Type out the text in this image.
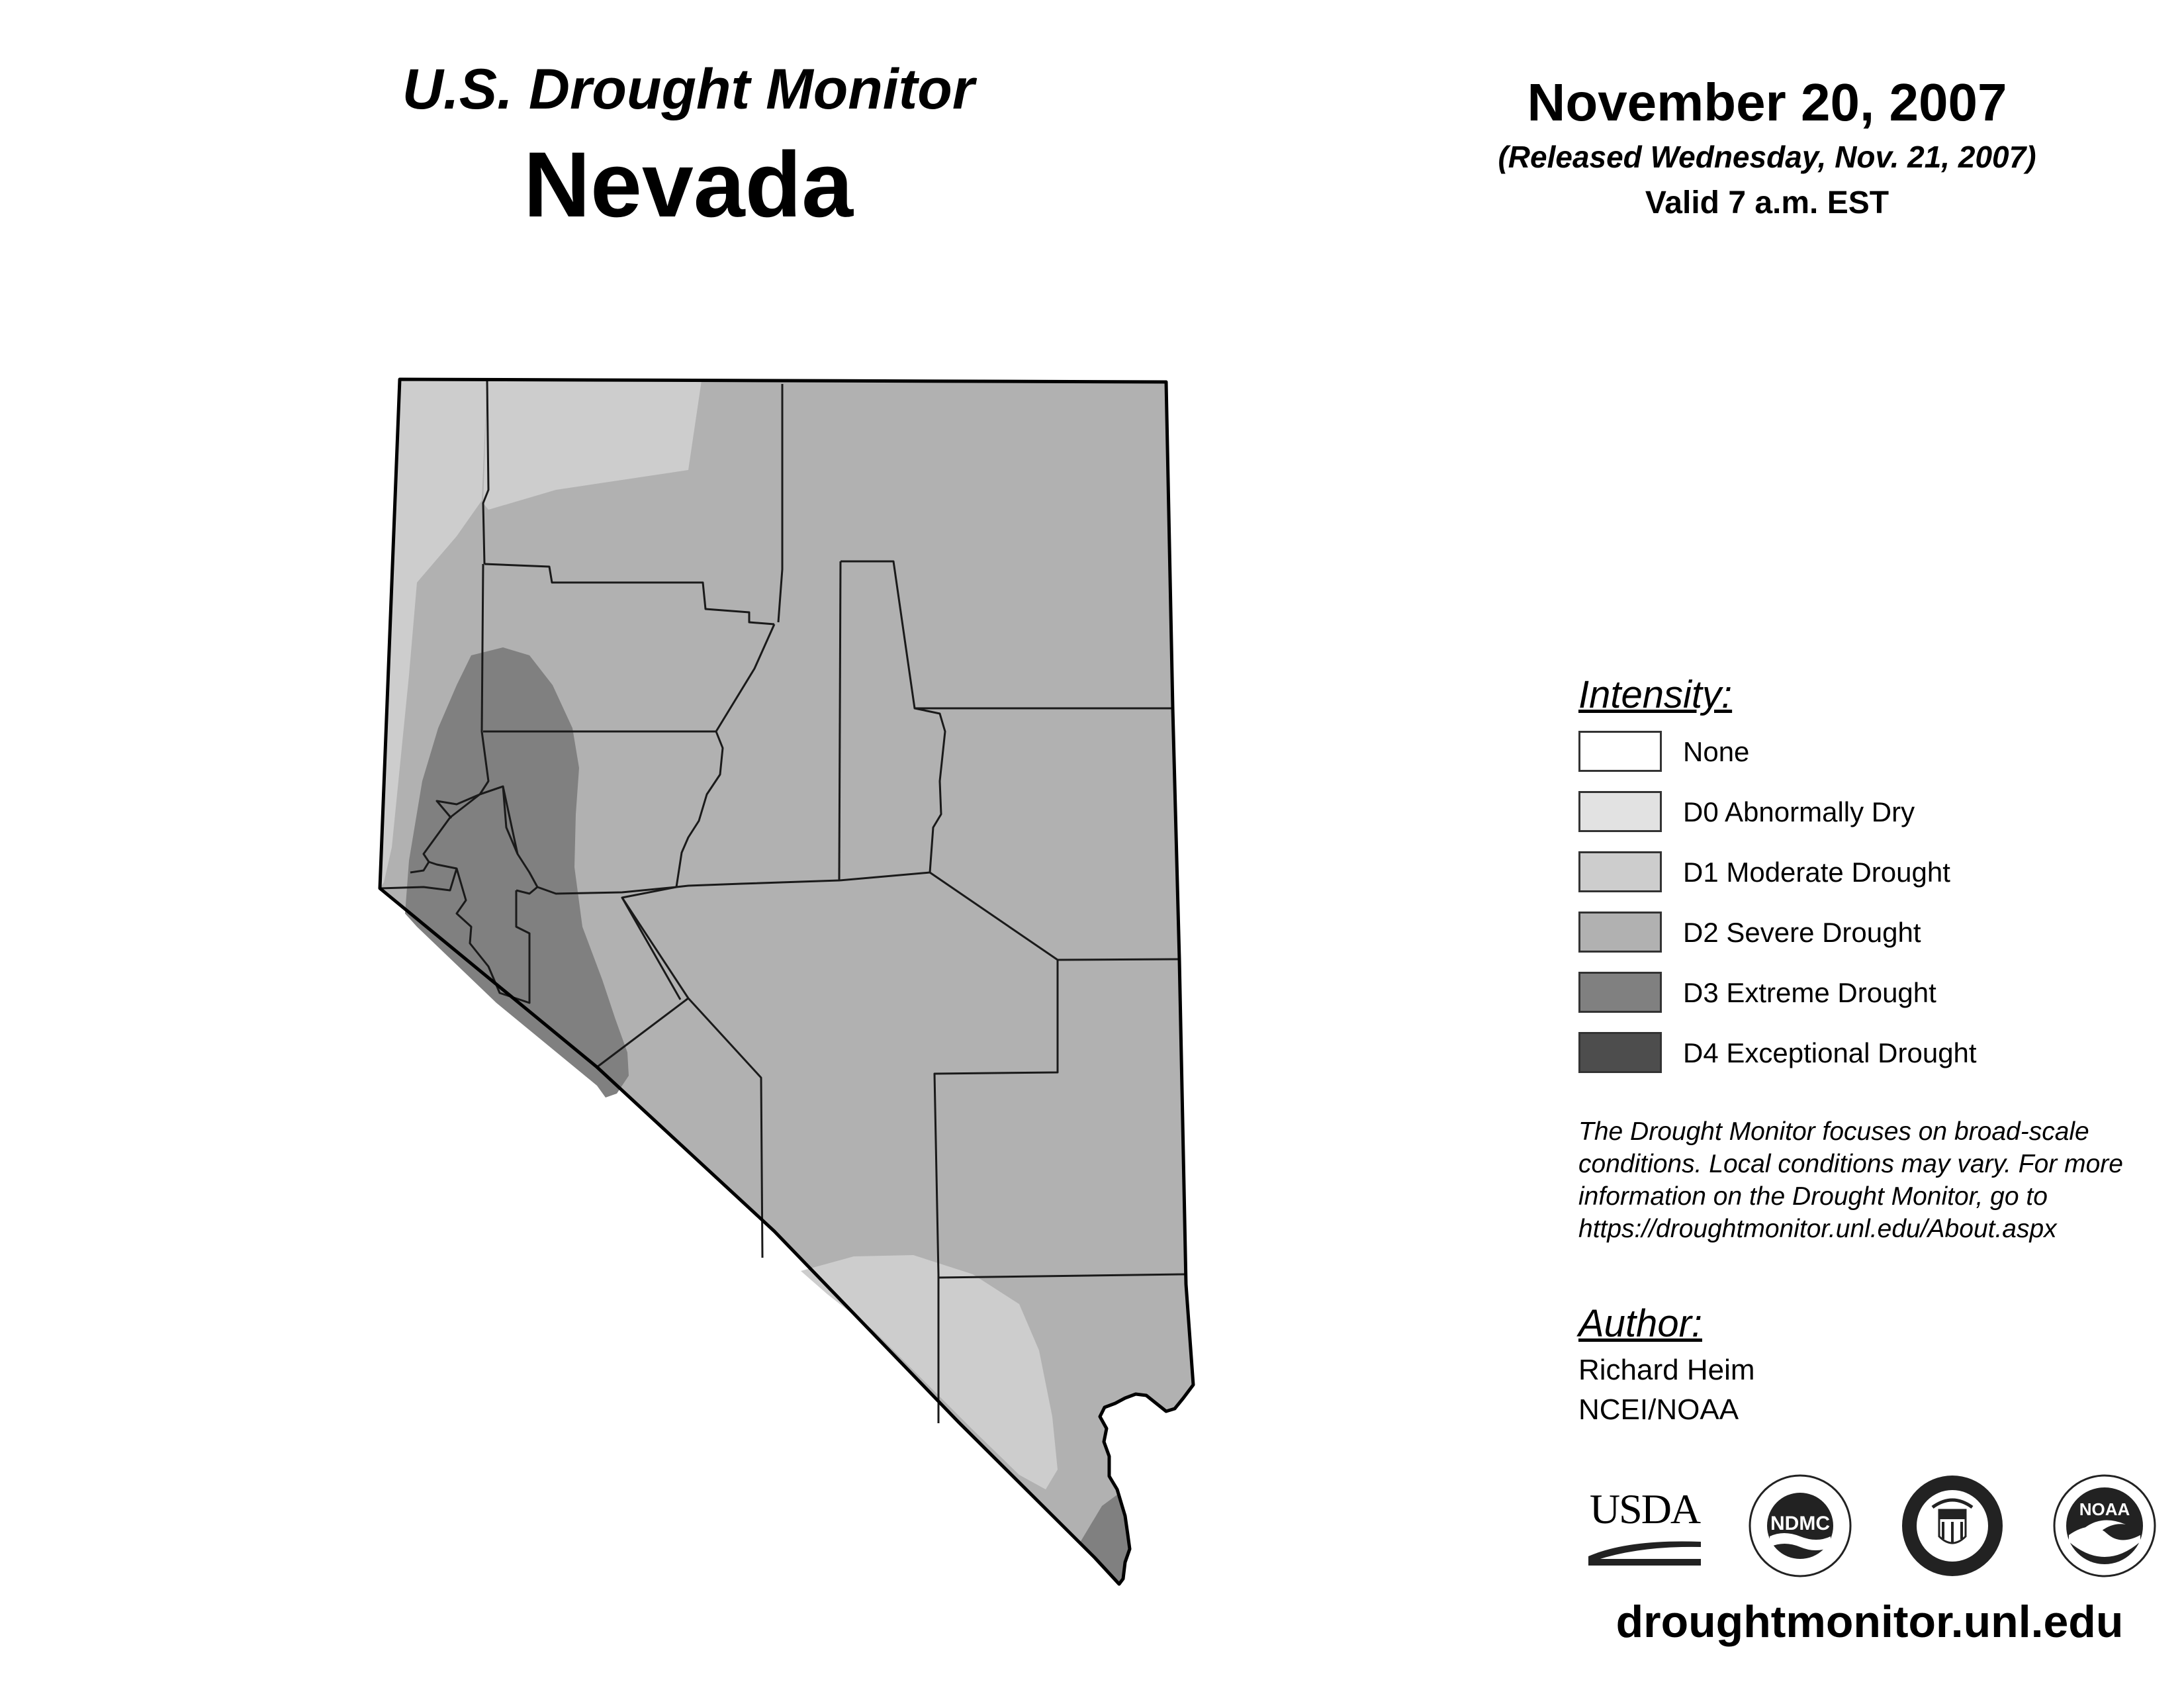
U.S. Drought Monitor
Nevada
November 20, 2007
(Released Wednesday, Nov. 21, 2007)
Valid 7 a.m. EST
Intensity:
None
D0 Abnormally Dry
D1 Moderate Drought
D2 Severe Drought
D3 Extreme Drought
D4 Exceptional Drought
The Drought Monitor focuses on broad-scale conditions. Local conditions may vary. For more information on the Drought Monitor, go to https://droughtmonitor.unl.edu/About.aspx
Author:
Richard Heim
NCEI/NOAA
USDA	NDMC
NOAA
droughtmonitor.unl.edu
